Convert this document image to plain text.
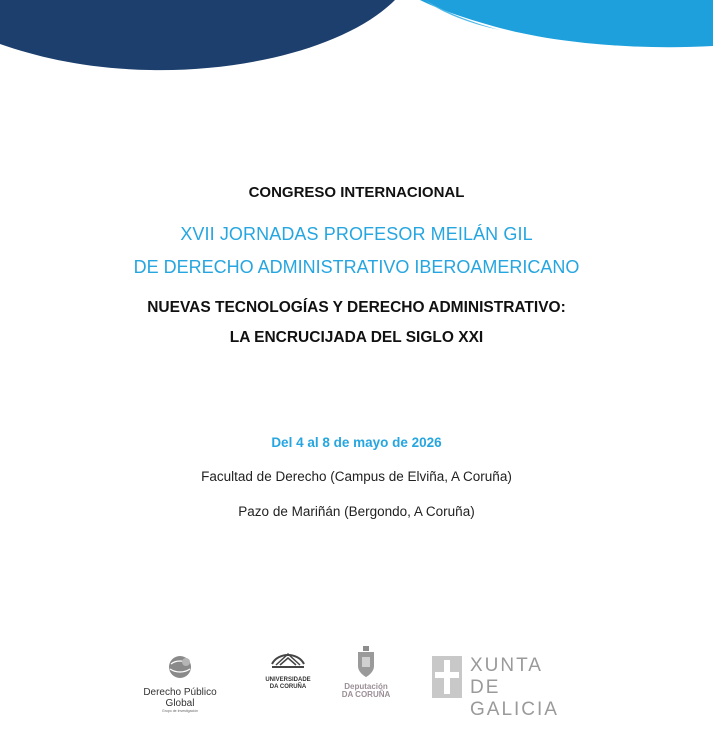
CONGRESO INTERNACIONAL
XVII JORNADAS PROFESOR MEILÁN GIL
DE DERECHO ADMINISTRATIVO IBEROAMERICANO
NUEVAS TECNOLOGÍAS Y DERECHO ADMINISTRATIVO:
LA ENCRUCIJADA DEL SIGLO XXI
Del 4 al 8 de mayo de 2026
Facultad de Derecho (Campus de Elviña, A Coruña)
Pazo de Mariñán (Bergondo, A Coruña)
Derecho Público Global
Grupo de Investigación
UNIVERSIDADE
DA CORUÑA	Deputación
DA CORUÑA
XUNTA
DE GALICIA
